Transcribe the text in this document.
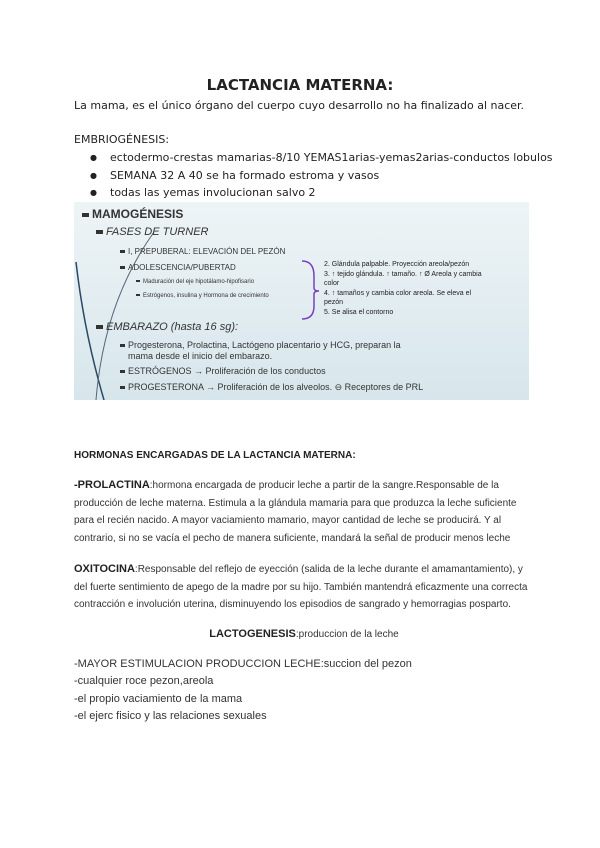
LACTANCIA MATERNA:
La mama, es el único órgano del cuerpo cuyo desarrollo no ha finalizado al nacer.
EMBRIOGÉNESIS:
● ectodermo-crestas mamarias-8/10 YEMAS1arias-yemas2arias-conductos lobulos
● SEMANA 32 A 40 se ha formado estroma y vasos
● todas las yemas involucionan salvo 2
MAMOGÉNESIS
FASES DE TURNER
I, PREPUBERAL: ELEVACIÓN DEL PEZÓN
ADOLESCENCIA/PUBERTAD
Maduración del eje hipotálamo-hipofisario
Estrógenos, insulina y Hormona de crecimiento
2. Glándula palpable. Proyección areola/pezón
3. ↑ tejido glándula. ↑ tamaño. ↑ Ø Areola y cambia
color
4. ↑ tamaños y cambia color areola. Se eleva el
pezón
5. Se alisa el contorno
EMBARAZO (hasta 16 sg):
Progesterona, Prolactina, Lactógeno placentario y HCG, preparan la
mama desde el inicio del embarazo.
ESTRÓGENOS → Proliferación de los conductos
PROGESTERONA → Proliferación de los alveolos. ⊖ Receptores de PRL
HORMONAS ENCARGADAS DE LA LACTANCIA MATERNA:
-PROLACTINA:hormona encargada de producir leche a partir de la sangre.Responsable de la producción de leche materna. Estimula a la glándula mamaria para que produzca la leche suficiente para el recién nacido. A mayor vaciamiento mamario, mayor cantidad de leche se producirá. Y al contrario, si no se vacía el pecho de manera suficiente, mandará la señal de producir menos leche
OXITOCINA:Responsable del reflejo de eyección (salida de la leche durante el amamantamiento), y del fuerte sentimiento de apego de la madre por su hijo. También mantendrá eficazmente una correcta contracción e involución uterina, disminuyendo los episodios de sangrado y hemorragias posparto.
LACTOGENESIS:produccion de la leche
-MAYOR ESTIMULACION PRODUCCION LECHE:succion del pezon
-cualquier roce pezon,areola
-el propio vaciamiento de la mama
-el ejerc fisico y las relaciones sexuales
